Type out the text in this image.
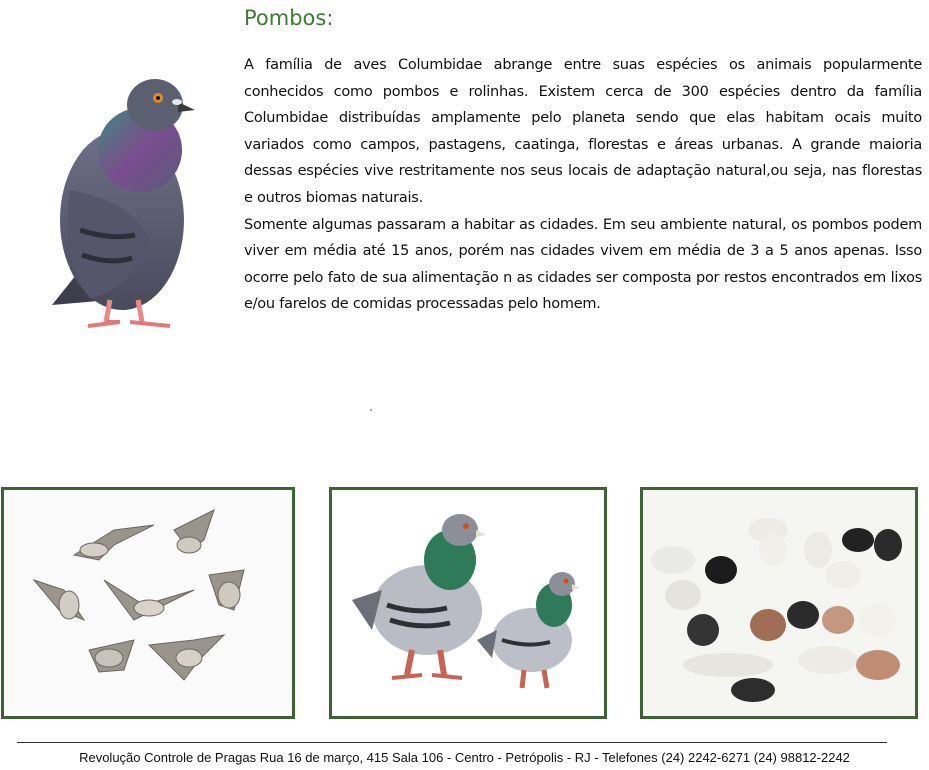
Pombos:

A família de aves Columbidae abrange entre suas espécies os animais popularmente conhecidos como pombos e rolinhas. Existem cerca de 300 espécies dentro da família Columbidae distribuídas amplamente pelo planeta sendo que elas habitam ocais muito variados como campos, pastagens, caatinga, florestas e áreas urbanas. A grande maioria dessas espécies vive restritamente nos seus locais de adaptação natural,ou seja, nas florestas e outros biomas naturais.

Somente algumas passaram a habitar as cidades. Em seu ambiente natural, os pombos podem viver em média até 15 anos, porém nas cidades vivem em média de 3 a 5 anos apenas. Isso ocorre pelo fato de sua alimentação n as cidades ser composta por restos encontrados em lixos e/ou farelos de comidas processadas pelo homem.

Revolução Controle de Pragas Rua 16 de março, 415 Sala 106 - Centro - Petrópolis - RJ - Telefones (24) 2242-6271 (24) 98812-2242
